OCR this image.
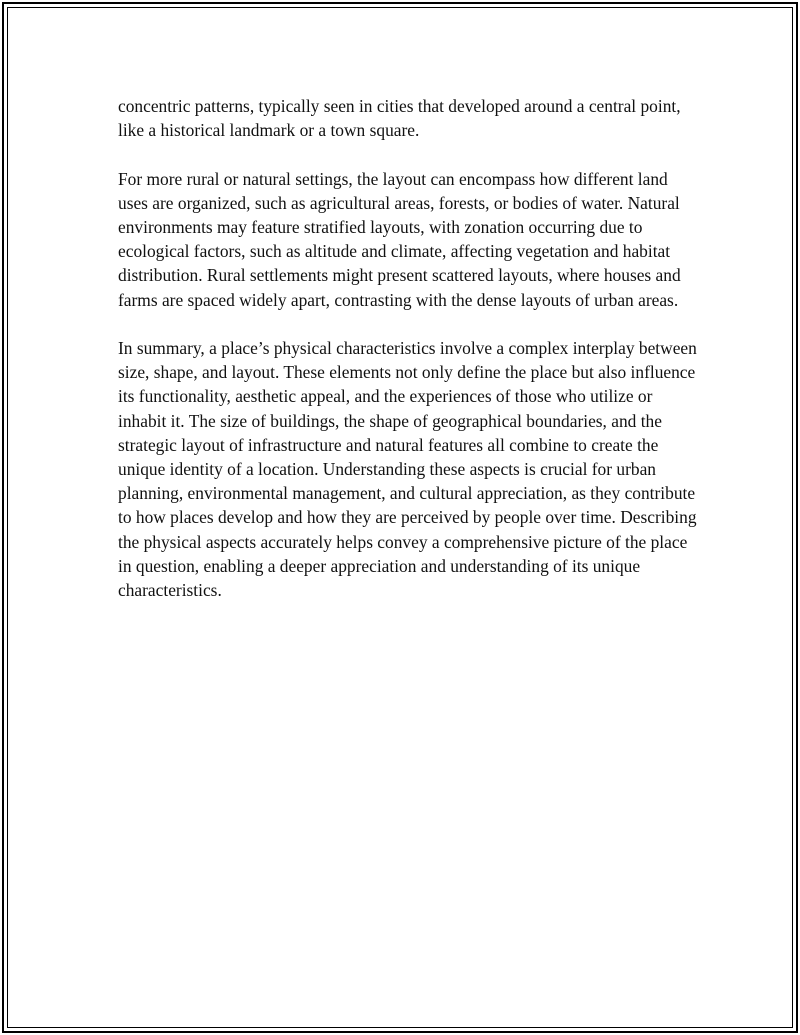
concentric patterns, typically seen in cities that developed around a central point, like a historical landmark or a town square.

For more rural or natural settings, the layout can encompass how different land uses are organized, such as agricultural areas, forests, or bodies of water. Natural environments may feature stratified layouts, with zonation occurring due to ecological factors, such as altitude and climate, affecting vegetation and habitat distribution. Rural settlements might present scattered layouts, where houses and farms are spaced widely apart, contrasting with the dense layouts of urban areas.

In summary, a place’s physical characteristics involve a complex interplay between size, shape, and layout. These elements not only define the place but also influence its functionality, aesthetic appeal, and the experiences of those who utilize or inhabit it. The size of buildings, the shape of geographical boundaries, and the strategic layout of infrastructure and natural features all combine to create the unique identity of a location. Understanding these aspects is crucial for urban planning, environmental management, and cultural appreciation, as they contribute to how places develop and how they are perceived by people over time. Describing the physical aspects accurately helps convey a comprehensive picture of the place in question, enabling a deeper appreciation and understanding of its unique characteristics.
